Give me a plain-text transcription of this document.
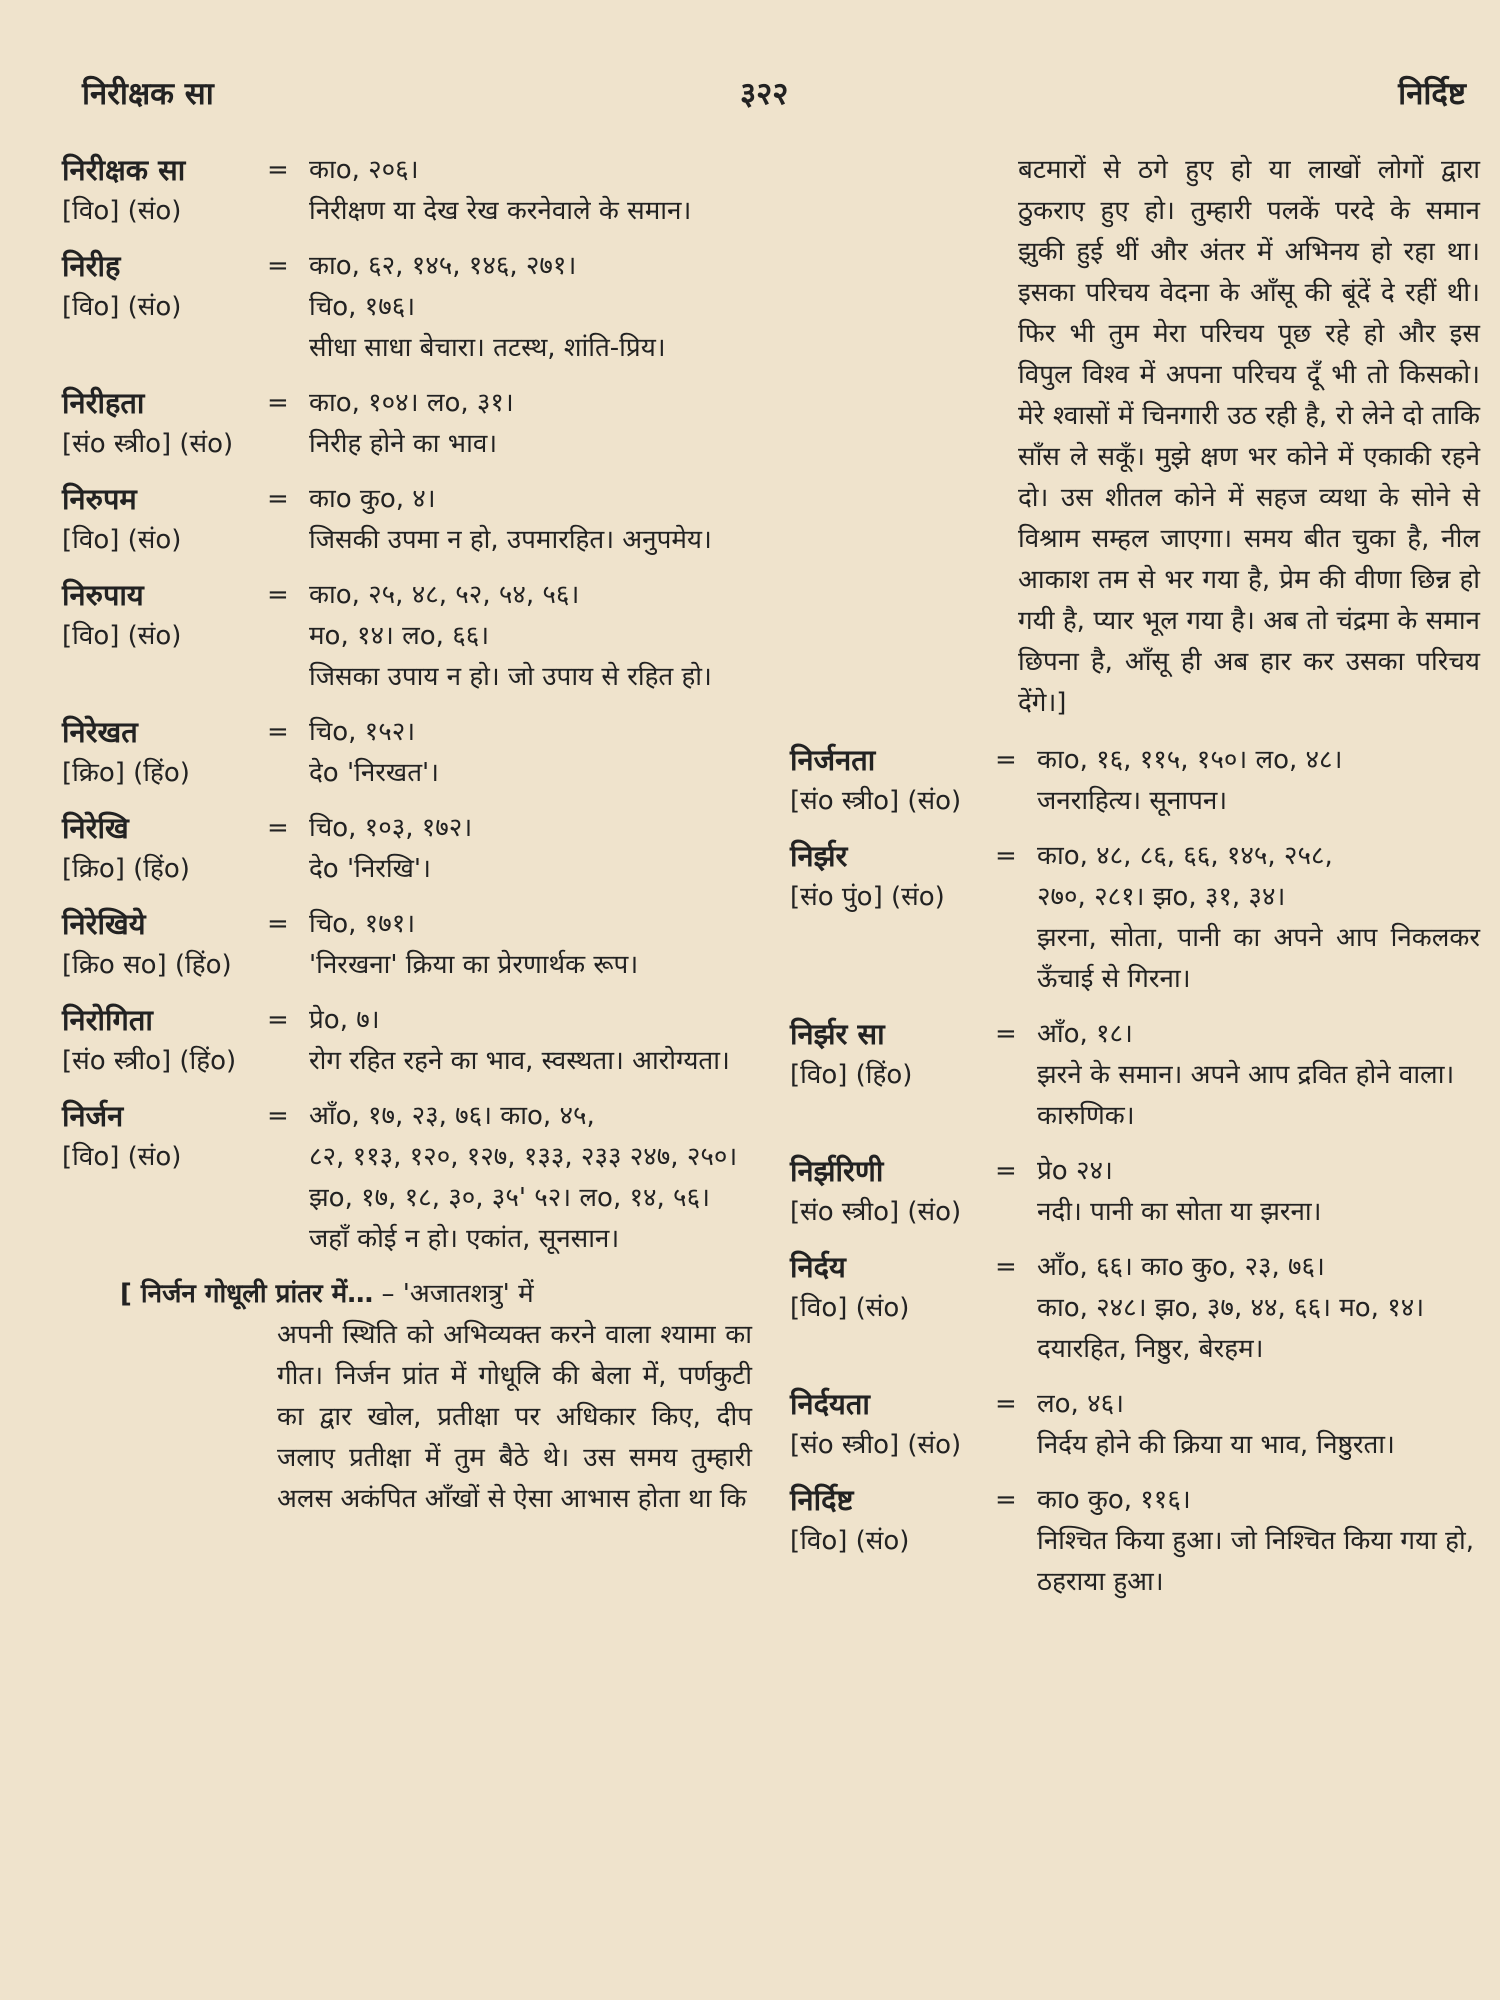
निरीक्षक सा	३२२	निर्दिष्ट
निरीक्षक सा	= काο, २०६।
[विο] (संο)	निरीक्षण या देख रेख करनेवाले के समान।
निरीह	= काο, ६२, १४५, १४६, २७१।
[विο] (संο)	चिο, १७६।
सीधा साधा बेचारा। तटस्थ, शांति-प्रिय।
निरीहता	= काο, १०४। लο, ३१।
[संο स्त्रीο] (संο)	निरीह होने का भाव।
निरुपम	= काο कुο, ४।
[विο] (संο)	जिसकी उपमा न हो, उपमारहित। अनुपमेय।
निरुपाय	= काο, २५, ४८, ५२, ५४, ५६।
[विο] (संο)	मο, १४। लο, ६६।
जिसका उपाय न हो। जो उपाय से रहित हो।
निरेखत	= चिο, १५२।
[क्रिο] (हिंο)	देο 'निरखत'।
निरेखि	= चिο, १०३, १७२।
[क्रिο] (हिंο)	देο 'निरखि'।
निरेखिये	= चिο, १७१।
[क्रिο सο] (हिंο)	'निरखना' क्रिया का प्रेरणार्थक रूप।
निरोगिता	= प्रेο, ७।
[संο स्त्रीο] (हिंο)	रोग रहित रहने का भाव, स्वस्थता। आरोग्यता।
निर्जन	= आँο, १७, २३, ७६। काο, ४५,
[विο] (संο)	८२, ११३, १२०, १२७, १३३, २३३ २४७, २५०। झο, १७, १८, ३०, ३५' ५२। लο, १४, ५६।
जहाँ कोई न हो। एकांत, सूनसान।
[ निर्जन गोधूली प्रांतर में… – 'अजातशत्रु' में
अपनी स्थिति को अभिव्यक्त करने वाला श्यामा का गीत। निर्जन प्रांत में गोधूलि की बेला में, पर्णकुटी का द्वार खोल, प्रतीक्षा पर अधिकार किए, दीप जलाए प्रतीक्षा में तुम बैठे थे। उस समय तुम्हारी अलस अकंपित आँखों से ऐसा आभास होता था कि
बटमारों से ठगे हुए हो या लाखों लोगों द्वारा ठुकराए हुए हो। तुम्हारी पलकें परदे के समान झुकी हुई थीं और अंतर में अभिनय हो रहा था। इसका परिचय वेदना के आँसू की बूंदें दे रहीं थी। फिर भी तुम मेरा परिचय पूछ रहे हो और इस विपुल विश्व में अपना परिचय दूँ भी तो किसको। मेरे श्वासों में चिनगारी उठ रही है, रो लेने दो ताकि साँस ले सकूँ। मुझे क्षण भर कोने में एकाकी रहने दो। उस शीतल कोने में सहज व्यथा के सोने से विश्राम सम्हल जाएगा। समय बीत चुका है, नील आकाश तम से भर गया है, प्रेम की वीणा छिन्न हो गयी है, प्यार भूल गया है। अब तो चंद्रमा के समान छिपना है, आँसू ही अब हार कर उसका परिचय देंगे।]
निर्जनता	= काο, १६, ११५, १५०। लο, ४८।
[संο स्त्रीο] (संο)	जनराहित्य। सूनापन।
निर्झर	= काο, ४८, ८६, ६६, १४५, २५८,
[संο पुंο] (संο)	२७०, २८१। झο, ३१, ३४।
झरना, सोता, पानी का अपने आप निकलकर ऊँचाई से गिरना।
निर्झर सा	= आँο, १८।
[विο] (हिंο)	झरने के समान। अपने आप द्रवित होने वाला। कारुणिक।
निर्झरिणी	= प्रेο २४।
[संο स्त्रीο] (संο)	नदी। पानी का सोता या झरना।
निर्दय	= आँο, ६६। काο कुο, २३, ७६।
[विο] (संο)	काο, २४८। झο, ३७, ४४, ६६। मο, १४।
दयारहित, निष्ठुर, बेरहम।
निर्दयता	= लο, ४६।
[संο स्त्रीο] (संο)	निर्दय होने की क्रिया या भाव, निष्ठुरता।
निर्दिष्ट	= काο कुο, ११६।
[विο] (संο)	निश्चित किया हुआ। जो निश्चित किया गया हो, ठहराया हुआ।
